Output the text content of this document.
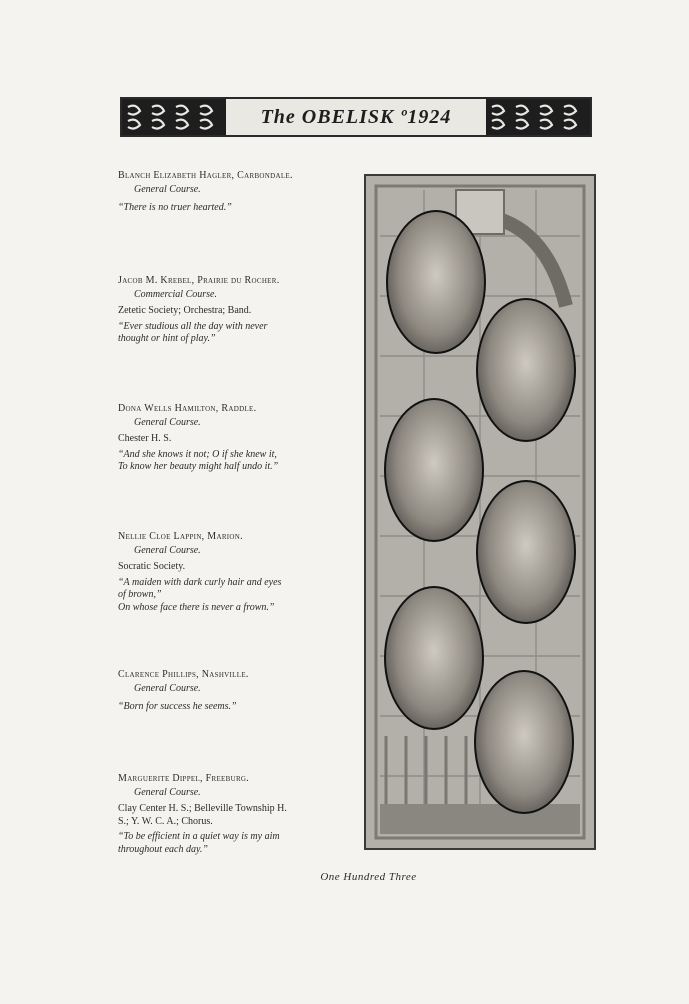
The OBELISK º1924
Blanch Elizabeth Hagler, Carbondale.
General Course.
“There is no truer hearted.”
Jacob M. Krebel, Prairie du Rocher.
Commercial Course.
Zetetic Society; Orchestra; Band.
“Ever studious all the day with never
thought or hint of play.”
Dona Wells Hamilton, Raddle.
General Course.
Chester H. S.
“And she knows it not; O if she knew it,
To know her beauty might half undo it.”
Nellie Cloe Lappin, Marion.
General Course.
Socratic Society.
“A maiden with dark curly hair and eyes
of brown,”
On whose face there is never a frown.”
Clarence Phillips, Nashville.
General Course.
“Born for success he seems.”
Marguerite Dippel, Freeburg.
General Course.
Clay Center H. S.; Belleville Township H.
S.; Y. W. C. A.; Chorus.
“To be efficient in a quiet way is my aim
throughout each day.”
One Hundred Three
